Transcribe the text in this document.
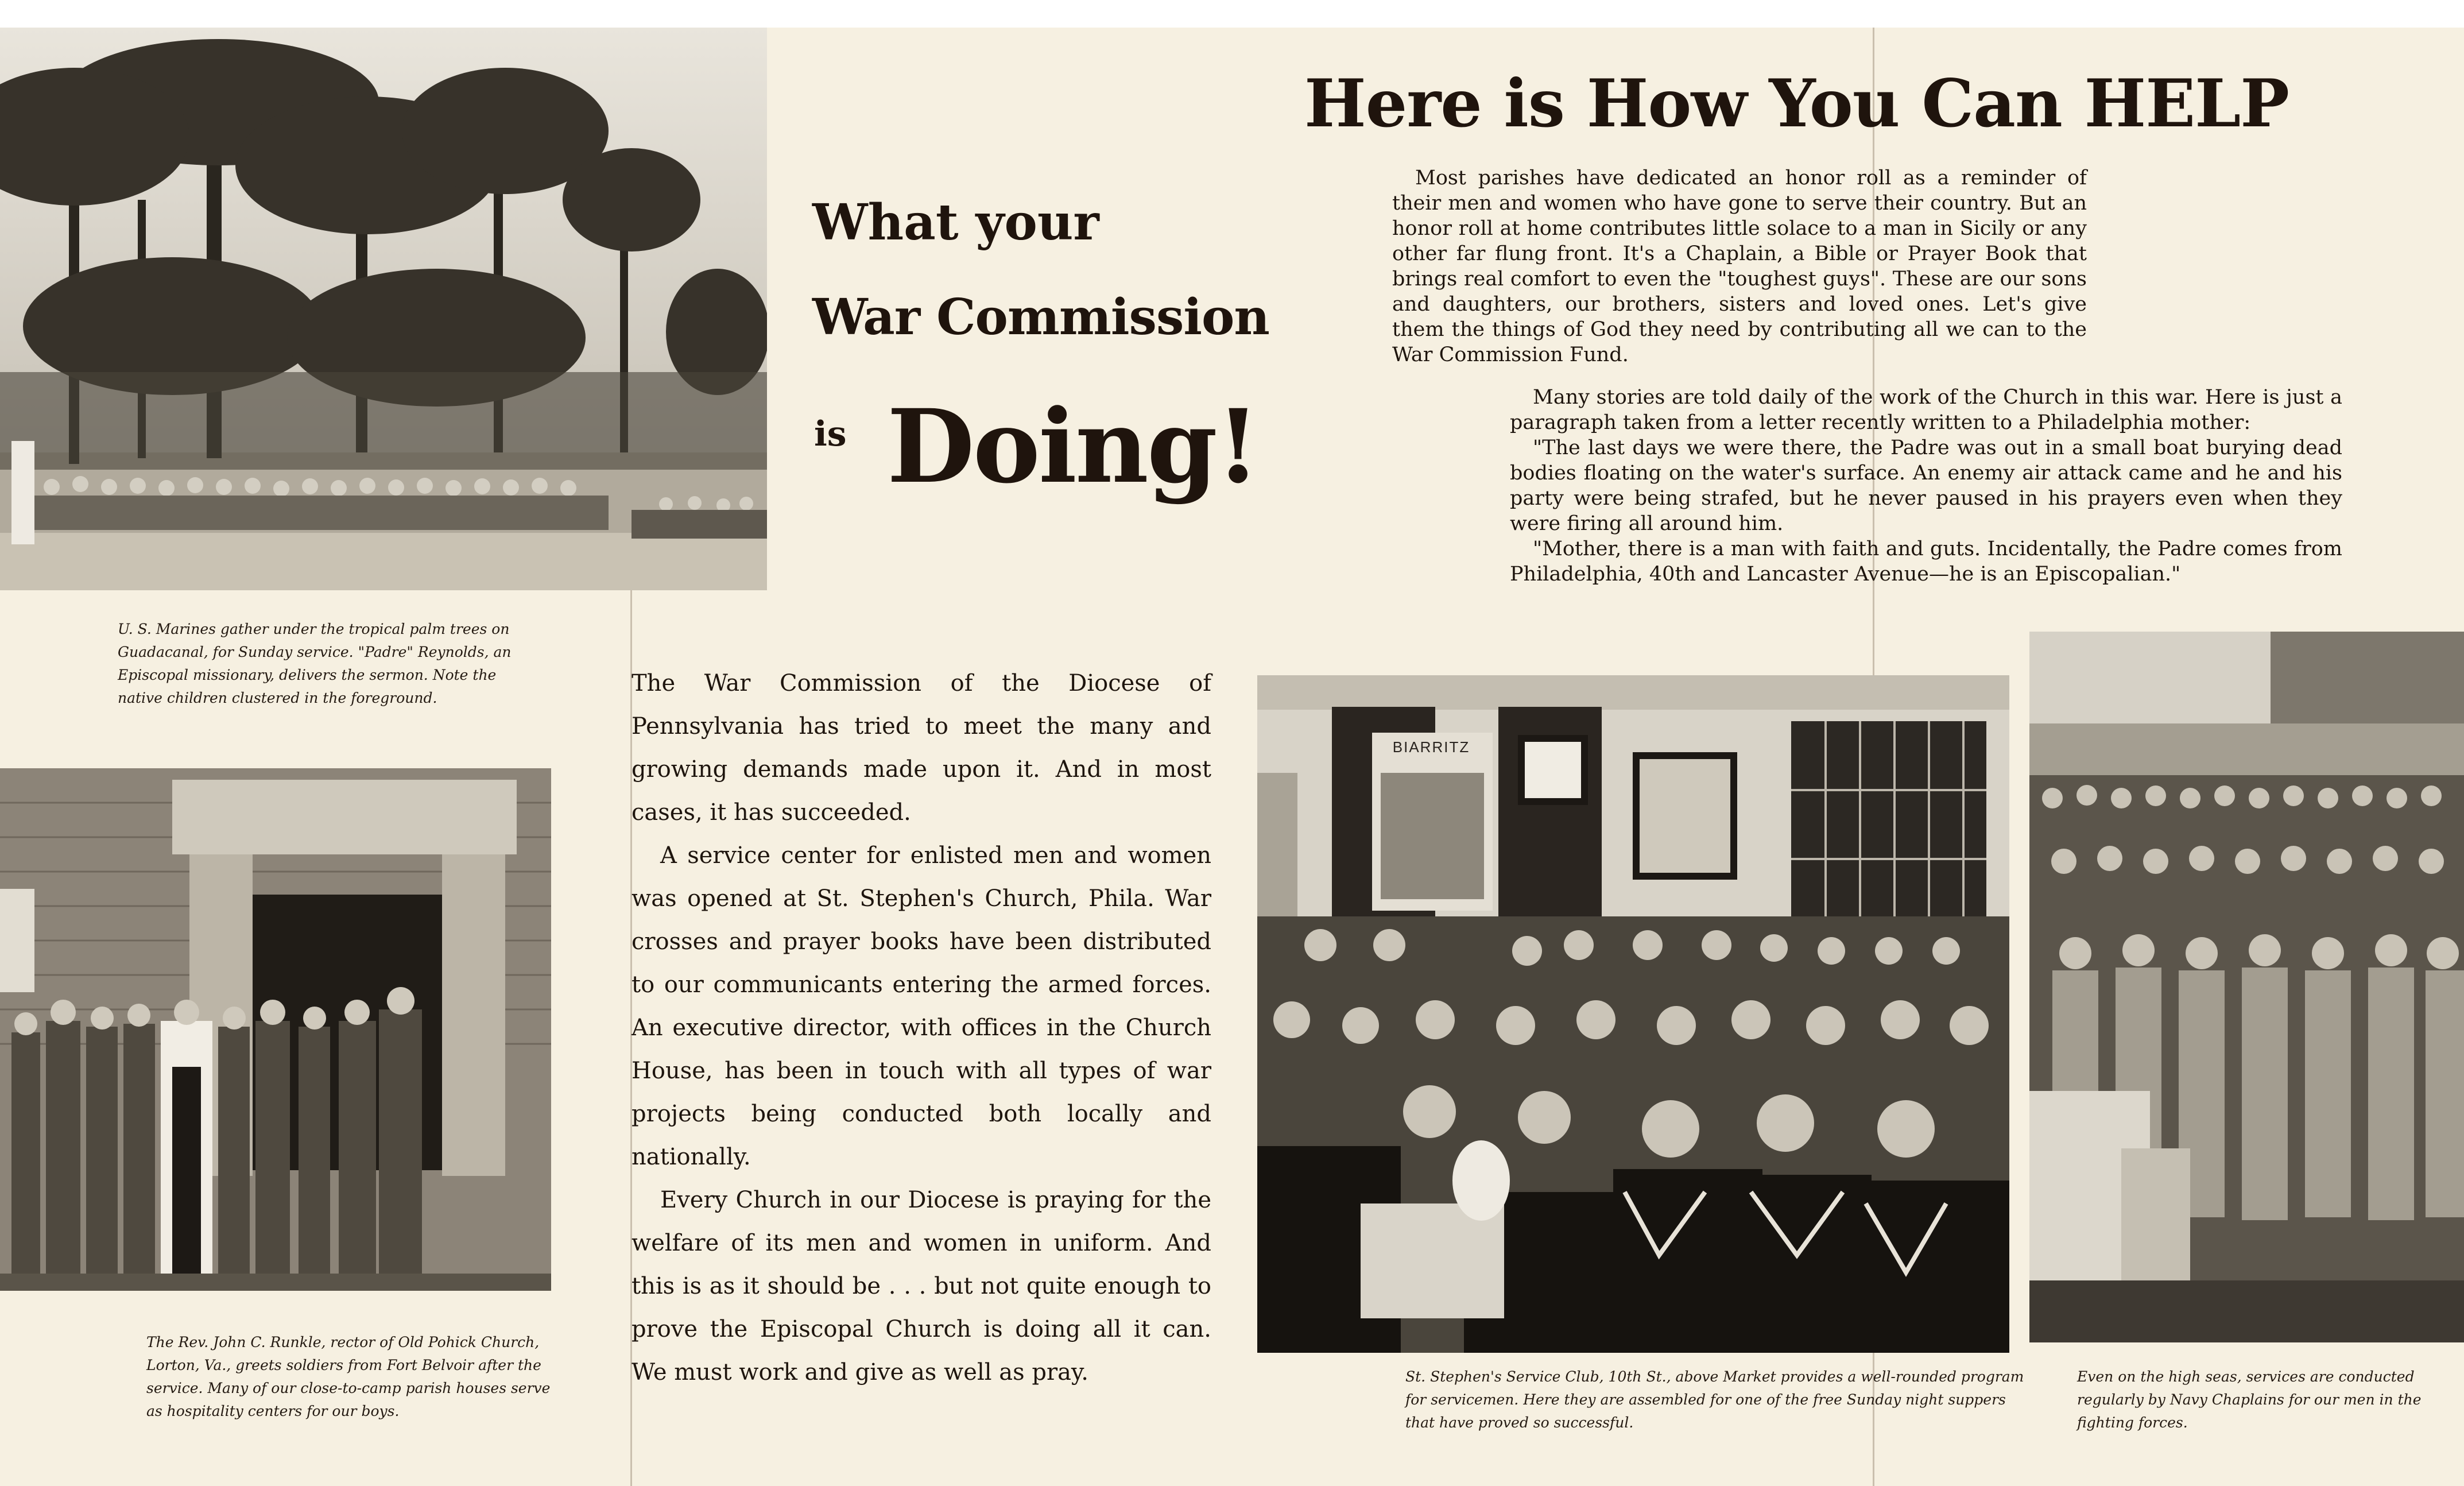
U. S. Marines gather under the tropical palm trees on Guadacanal, for Sunday service. "Padre" Reynolds, an Episcopal missionary, delivers the sermon. Note the native children clustered in the foreground.

The Rev. John C. Runkle, rector of Old Pohick Church, Lorton, Va., greets soldiers from Fort Belvoir after the service. Many of our close-to-camp parish houses serve as hospitality centers for our boys.

What your
War Commission
is Doing!

The War Commission of the Diocese of Pennsylvania has tried to meet the many and growing demands made upon it. And in most cases, it has succeeded.

A service center for enlisted men and women was opened at St. Stephen's Church, Phila. War crosses and prayer books have been distributed to our communicants entering the armed forces. An executive director, with offices in the Church House, has been in touch with all types of war projects being conducted both locally and nationally.

Every Church in our Diocese is praying for the welfare of its men and women in uniform. And this is as it should be . . . but not quite enough to prove the Episcopal Church is doing all it can. We must work and give as well as pray.

Here is How You Can HELP

Most parishes have dedicated an honor roll as a reminder of their men and women who have gone to serve their country. But an honor roll at home contributes little solace to a man in Sicily or any other far flung front. It's a Chaplain, a Bible or Prayer Book that brings real comfort to even the "toughest guys". These are our sons and daughters, our brothers, sisters and loved ones. Let's give them the things of God they need by contributing all we can to the War Commission Fund.

Many stories are told daily of the work of the Church in this war. Here is just a paragraph taken from a letter recently written to a Philadelphia mother:

"The last days we were there, the Padre was out in a small boat burying dead bodies floating on the water's surface. An enemy air attack came and he and his party were being strafed, but he never paused in his prayers even when they were firing all around him.

"Mother, there is a man with faith and guts. Incidentally, the Padre comes from Philadelphia, 40th and Lancaster Avenue—he is an Episcopalian."

BIARRITZ

St. Stephen's Service Club, 10th St., above Market provides a well-rounded program for servicemen. Here they are assembled for one of the free Sunday night suppers that have proved so successful.

Even on the high seas, services are conducted regularly by Navy Chaplains for our men in the fighting forces.
